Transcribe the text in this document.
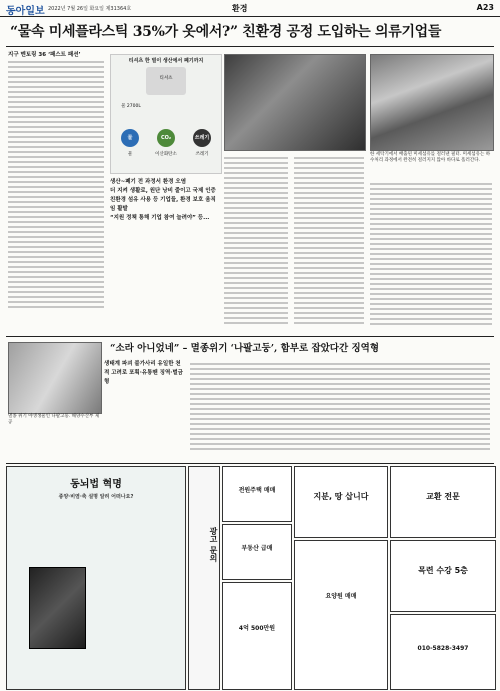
동아일보 2022년 7월 26일 화요일 제31364호	환경	A23
“물속 미세플라스틱 35%가 옷에서?” 친환경 공정 도입하는 의류기업들
지구 멘토링 36 ‘패스트 패션’
티셔츠 한 벌이 생산에서 폐기까지
티셔츠
물 2700L
물	CO₂	쓰레기
물	이산화탄소	쓰레기
생산~폐기 전 과정서 환경 오염
더 지켜 생활로, 원단 낭비 줄이고 국제 인증 친환경 섬유 사용 등 기업들, 환경 보호 움직임 활발
“지원 정책 통해 기업 참여 늘려야” 등...
한 세탁기에서 배출된 미세섬유를 걸러낸 필터. 미세섬유는 하수처리 과정에서 완전히 걸러지지 않아 바다로 흘러간다.
멸종 위기 야생생물인 나팔고둥. 해양수산부 제공
“소라 아니었네” – 멸종위기 ‘나팔고둥’, 함부로 잡았다간 징역형
생태계 파괴 불가사리 유일한 천적 고려로 포획·유통땐 징역·벌금형
동뇌법 혁명
종양·비염·축 설명 알려 어떠나요?
광고 문의
전원주택 매매
부동산 급매
4억 500만원
지분, 땅 삽니다
요양원 매매
교환 전문
목련 수강 5층
010-5828-3497
